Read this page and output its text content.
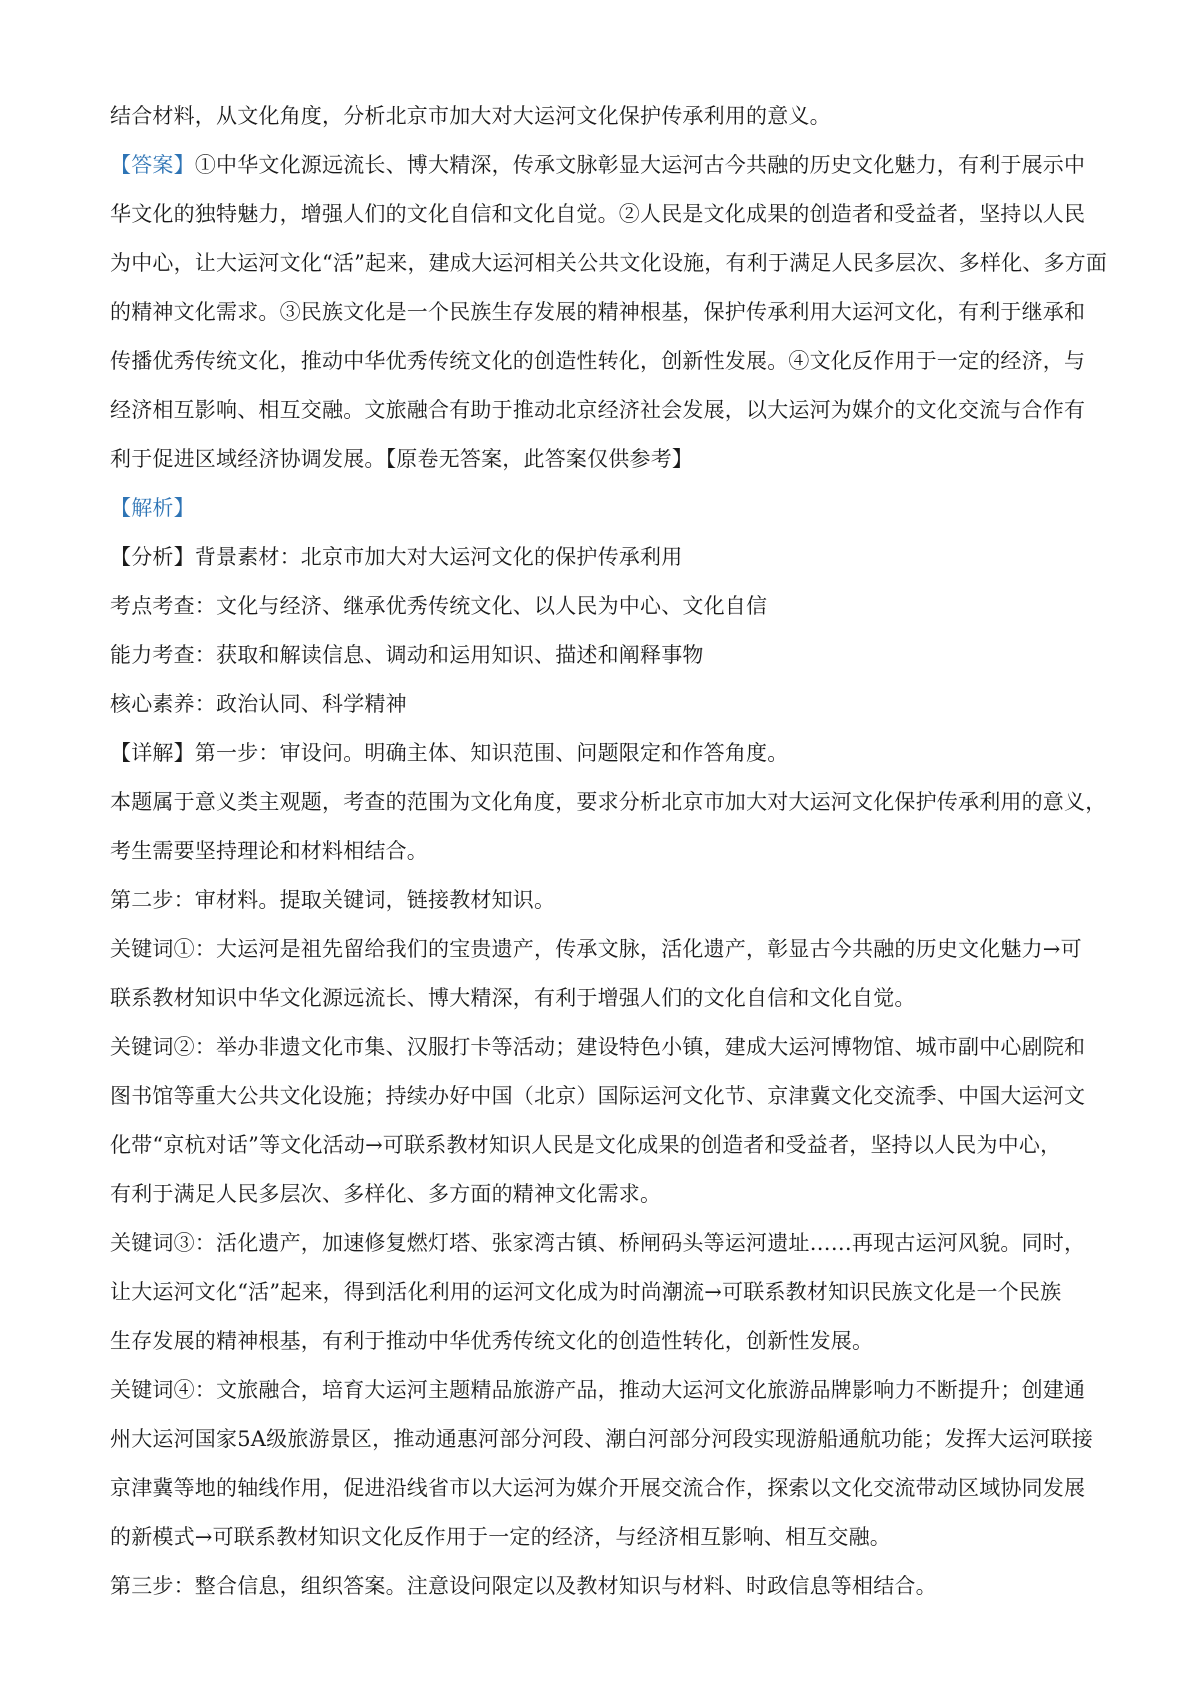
结合材料，从文化角度，分析北京市加大对大运河文化保护传承利用的意义。
【答案】①中华文化源远流长、博大精深，传承文脉彰显大运河古今共融的历史文化魅力，有利于展示中
华文化的独特魅力，增强人们的文化自信和文化自觉。②人民是文化成果的创造者和受益者，坚持以人民
为中心，让大运河文化“活”起来，建成大运河相关公共文化设施，有利于满足人民多层次、多样化、多方面
的精神文化需求。③民族文化是一个民族生存发展的精神根基，保护传承利用大运河文化，有利于继承和
传播优秀传统文化，推动中华优秀传统文化的创造性转化，创新性发展。④文化反作用于一定的经济，与
经济相互影响、相互交融。文旅融合有助于推动北京经济社会发展，以大运河为媒介的文化交流与合作有
利于促进区域经济协调发展。【原卷无答案，此答案仅供参考】
【解析】
【分析】背景素材：北京市加大对大运河文化的保护传承利用
考点考查：文化与经济、继承优秀传统文化、以人民为中心、文化自信
能力考查：获取和解读信息、调动和运用知识、描述和阐释事物
核心素养：政治认同、科学精神
【详解】第一步：审设问。明确主体、知识范围、问题限定和作答角度。
本题属于意义类主观题，考查的范围为文化角度，要求分析北京市加大对大运河文化保护传承利用的意义，
考生需要坚持理论和材料相结合。
第二步：审材料。提取关键词，链接教材知识。
关键词①：大运河是祖先留给我们的宝贵遗产，传承文脉，活化遗产，彰显古今共融的历史文化魅力→可
联系教材知识中华文化源远流长、博大精深，有利于增强人们的文化自信和文化自觉。
关键词②：举办非遗文化市集、汉服打卡等活动；建设特色小镇，建成大运河博物馆、城市副中心剧院和
图书馆等重大公共文化设施；持续办好中国（北京）国际运河文化节、京津冀文化交流季、中国大运河文
化带“京杭对话”等文化活动→可联系教材知识人民是文化成果的创造者和受益者，坚持以人民为中心，
有利于满足人民多层次、多样化、多方面的精神文化需求。
关键词③：活化遗产，加速修复燃灯塔、张家湾古镇、桥闸码头等运河遗址……再现古运河风貌。同时，
让大运河文化“活”起来，得到活化利用的运河文化成为时尚潮流→可联系教材知识民族文化是一个民族
生存发展的精神根基，有利于推动中华优秀传统文化的创造性转化，创新性发展。
关键词④：文旅融合，培育大运河主题精品旅游产品，推动大运河文化旅游品牌影响力不断提升；创建通
州大运河国家5A级旅游景区，推动通惠河部分河段、潮白河部分河段实现游船通航功能；发挥大运河联接
京津冀等地的轴线作用，促进沿线省市以大运河为媒介开展交流合作，探索以文化交流带动区域协同发展
的新模式→可联系教材知识文化反作用于一定的经济，与经济相互影响、相互交融。
第三步：整合信息，组织答案。注意设问限定以及教材知识与材料、时政信息等相结合。
